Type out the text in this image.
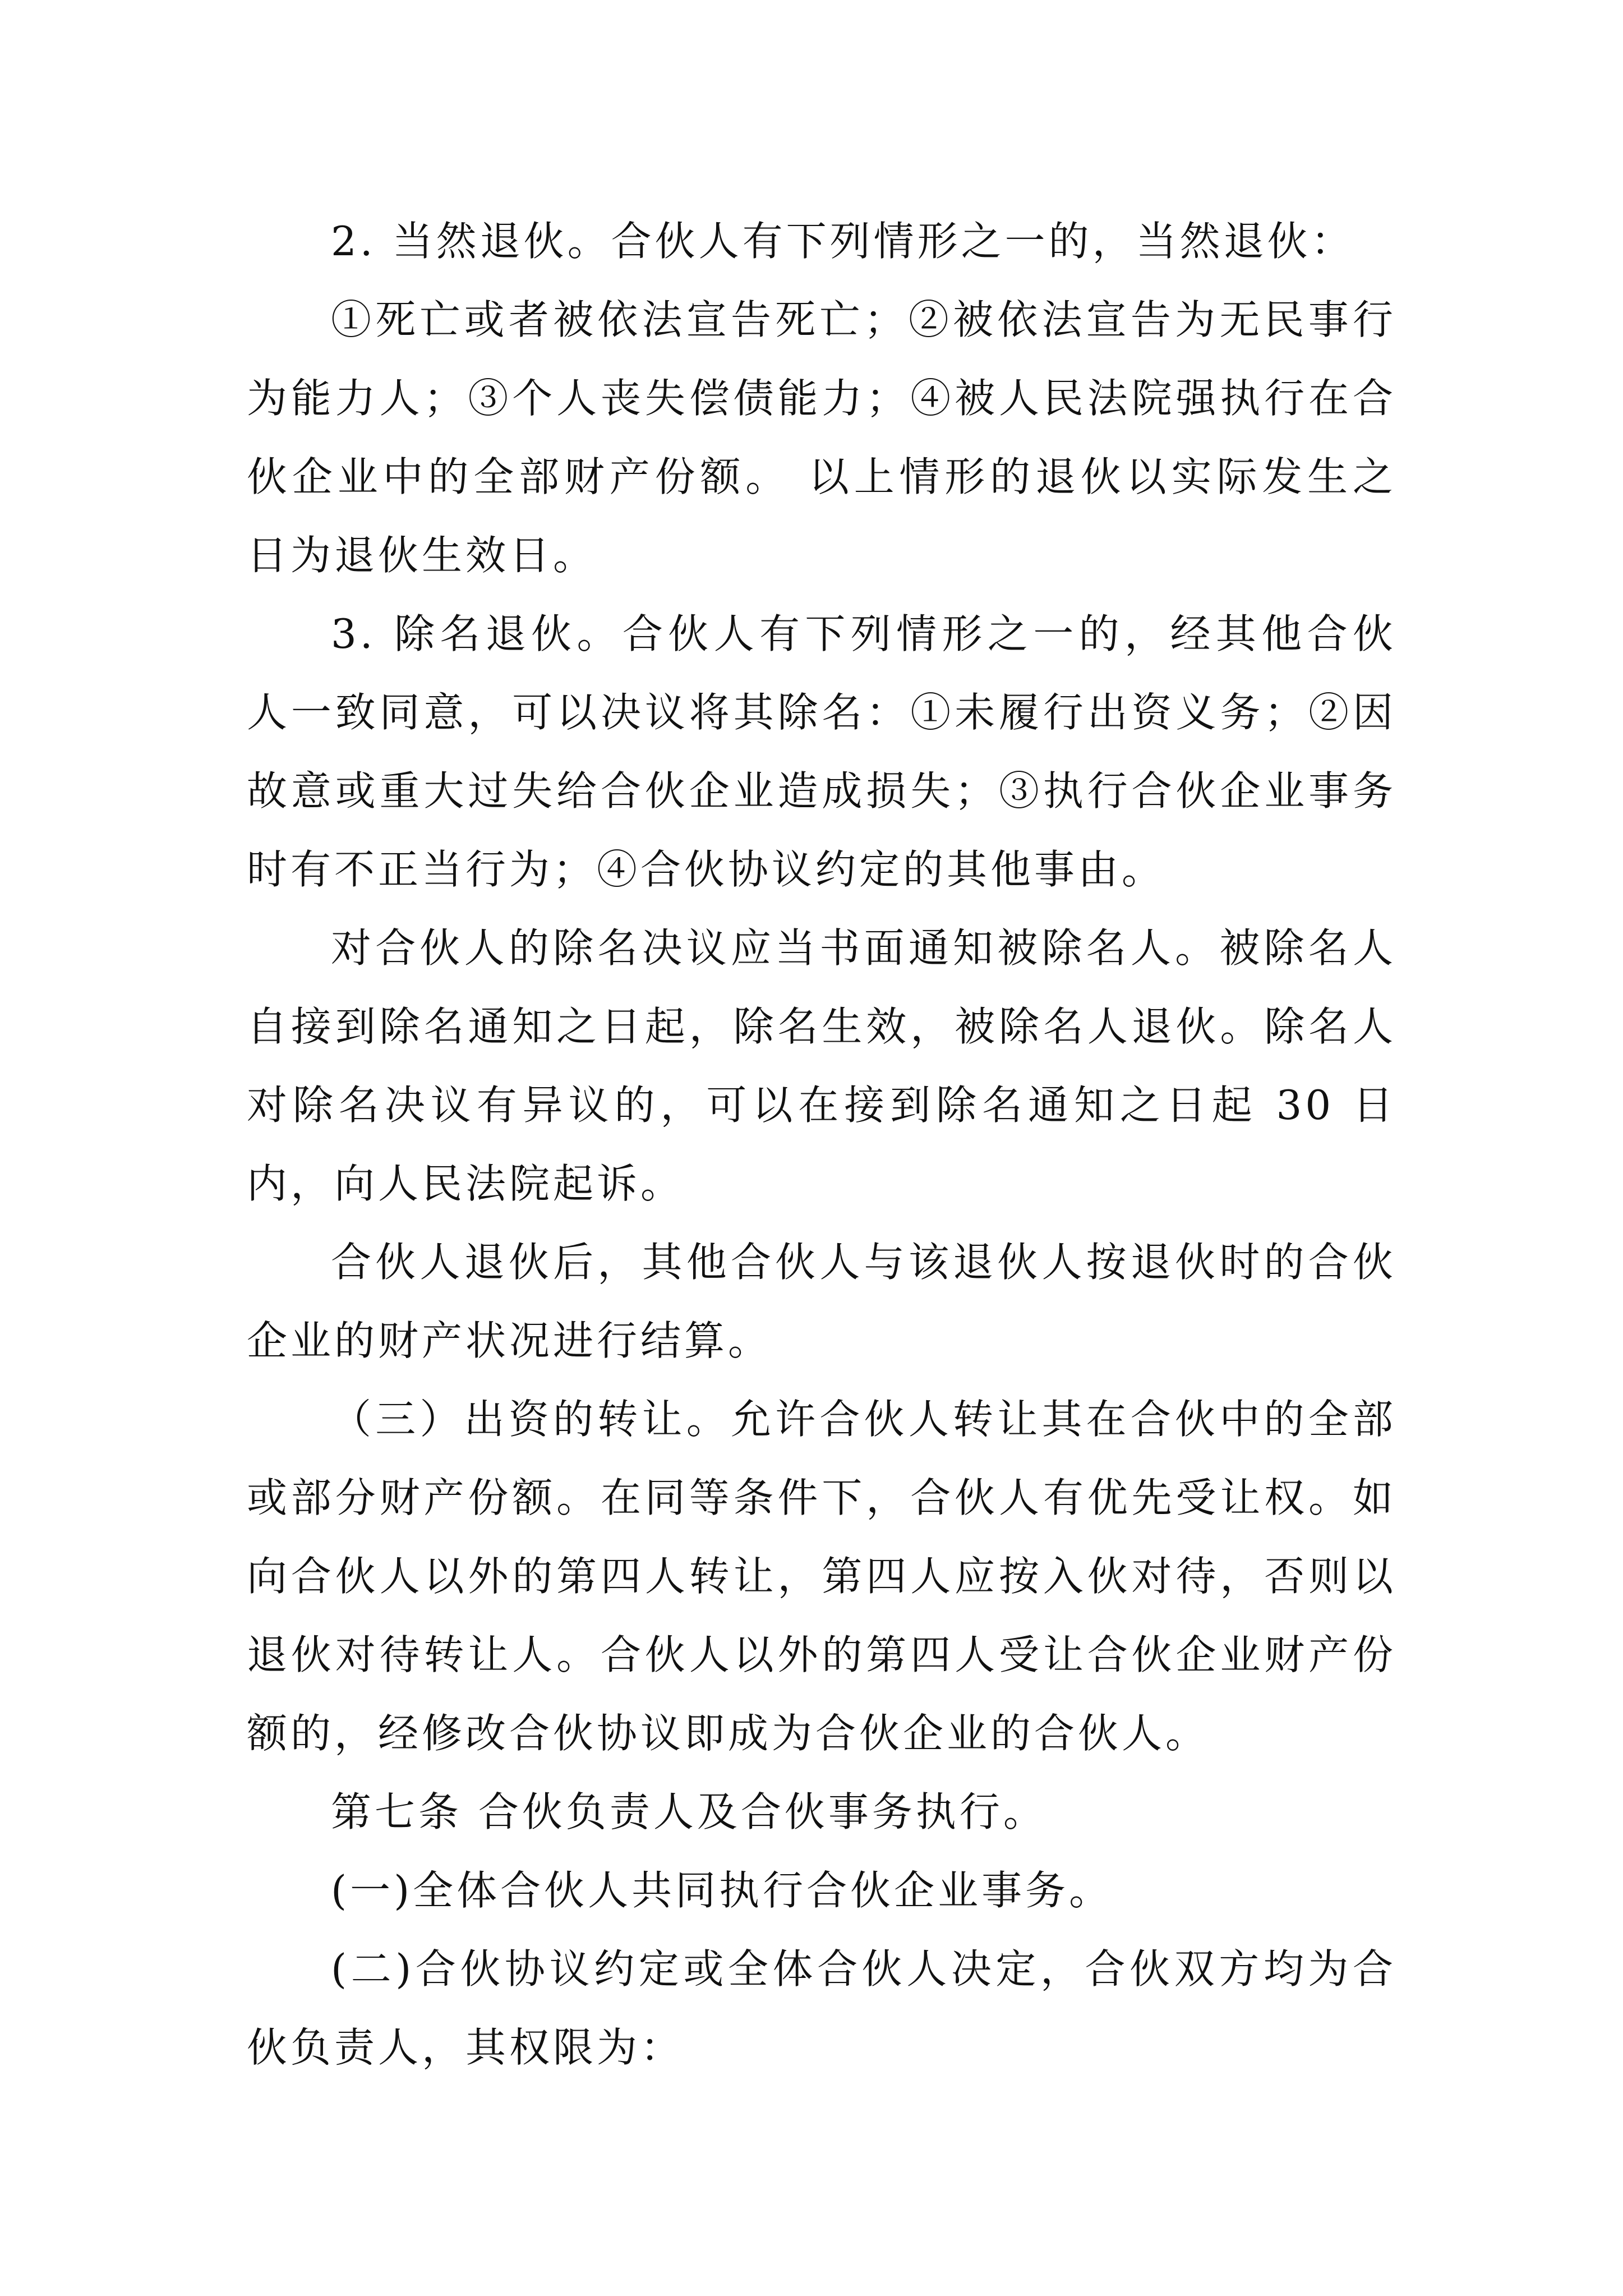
2. 当然退伙。合伙人有下列情形之一的，当然退伙：

①死亡或者被依法宣告死亡；②被依法宣告为无民事行为能力人；③个人丧失偿债能力；④被人民法院强执行在合伙企业中的全部财产份额。 以上情形的退伙以实际发生之日为退伙生效日。

3. 除名退伙。合伙人有下列情形之一的，经其他合伙人一致同意，可以决议将其除名：①未履行出资义务；②因故意或重大过失给合伙企业造成损失；③执行合伙企业事务时有不正当行为；④合伙协议约定的其他事由。

对合伙人的除名决议应当书面通知被除名人。被除名人自接到除名通知之日起，除名生效，被除名人退伙。除名人对除名决议有异议的，可以在接到除名通知之日起 30 日内，向人民法院起诉。

合伙人退伙后，其他合伙人与该退伙人按退伙时的合伙企业的财产状况进行结算。

（三）出资的转让。允许合伙人转让其在合伙中的全部或部分财产份额。在同等条件下，合伙人有优先受让权。如向合伙人以外的第四人转让，第四人应按入伙对待，否则以退伙对待转让人。合伙人以外的第四人受让合伙企业财产份额的，经修改合伙协议即成为合伙企业的合伙人。

第七条 合伙负责人及合伙事务执行。

(一)全体合伙人共同执行合伙企业事务。

(二)合伙协议约定或全体合伙人决定，合伙双方均为合伙负责人，其权限为：
